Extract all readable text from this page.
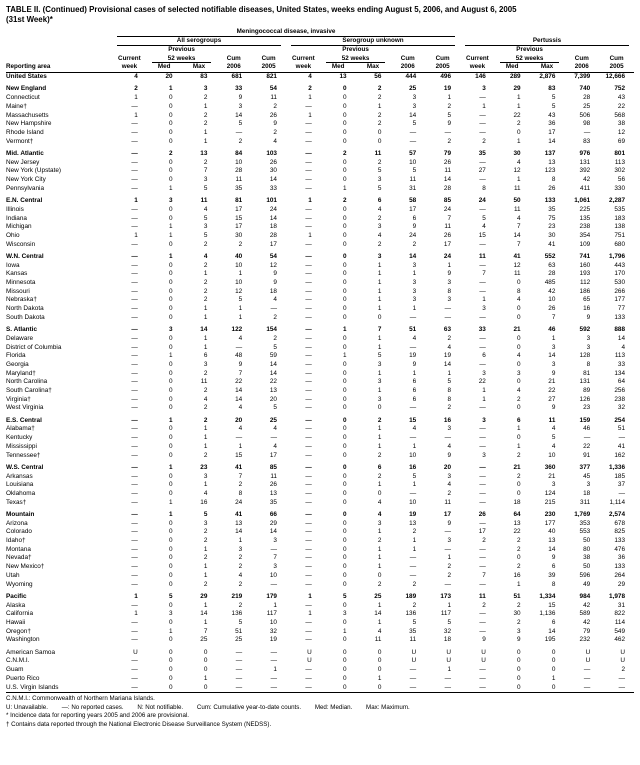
TABLE II. (Continued) Provisional cases of selected notifiable diseases, United States, weeks ending August 5, 2006, and August 6, 2005
(31st Week)*
Reporting area	Meningococcal disease, invasive														
	All serogroups					Serogroup unknown					Pertussis				
		Previous					Previous					Previous			
	Current	52 weeks		Cum	Cum	Current	52 weeks		Cum	Cum	Current	52 weeks		Cum	Cum
	week	Med	Max	2006	2005	week	Med	Max	2006	2005	week	Med	Max	2006	2005
United States	4	20	83	681	821	4	13	56	444	496	146	289	2,876	7,399	12,666

New England	2	1	3	33	54	2	0	2	25	19	3	29	83	740	752
Connecticut	1	0	2	9	11	1	0	2	3	1	—	1	5	28	43
Maine†	—	0	1	3	2	—	0	1	3	2	1	1	5	25	22
Massachusetts	1	0	2	14	26	1	0	2	14	5	—	22	43	506	568
New Hampshire	—	0	2	5	9	—	0	2	5	9	—	2	36	98	38
Rhode Island	—	0	1	—	2	—	0	0	—	—	—	0	17	—	12
Vermont†	—	0	1	2	4	—	0	0	—	2	2	1	14	83	69

Mid. Atlantic	—	2	13	84	103	—	2	11	57	79	35	30	137	976	801
New Jersey	—	0	2	10	26	—	0	2	10	26	—	4	13	131	113
New York (Upstate)	—	0	7	28	30	—	0	5	5	11	27	12	123	392	302
New York City	—	0	3	11	14	—	0	3	11	14	—	1	8	42	56
Pennsylvania	—	1	5	35	33	—	1	5	31	28	8	11	26	411	330

E.N. Central	1	3	11	81	101	1	2	6	58	85	24	50	133	1,061	2,287
Illinois	—	0	4	17	24	—	0	4	17	24	—	11	35	225	535
Indiana	—	0	5	15	14	—	0	2	6	7	5	4	75	135	183
Michigan	—	1	3	17	18	—	0	3	9	11	4	7	23	238	138
Ohio	1	1	5	30	28	1	0	4	24	26	15	14	30	354	751
Wisconsin	—	0	2	2	17	—	0	2	2	17	—	7	41	109	680

W.N. Central	—	1	4	40	54	—	0	3	14	24	11	41	552	741	1,796
Iowa	—	0	2	10	12	—	0	1	3	1	—	12	63	160	443
Kansas	—	0	1	1	9	—	0	1	1	9	7	11	28	193	170
Minnesota	—	0	2	10	9	—	0	1	3	3	—	0	485	112	530
Missouri	—	0	2	12	18	—	0	1	3	8	—	8	42	186	266
Nebraska†	—	0	2	5	4	—	0	1	3	3	1	4	10	65	177
North Dakota	—	0	1	1	—	—	0	1	1	—	3	0	26	16	77
South Dakota	—	0	1	1	2	—	0	0	—	—	—	0	7	9	133

S. Atlantic	—	3	14	122	154	—	1	7	51	63	33	21	46	592	888
Delaware	—	0	1	4	2	—	0	1	4	2	—	0	1	3	14
District of Columbia	—	0	1	—	5	—	0	1	—	4	—	0	3	3	4
Florida	—	1	6	48	59	—	1	5	19	19	6	4	14	128	113
Georgia	—	0	3	9	14	—	0	3	9	14	—	0	3	8	33
Maryland†	—	0	2	7	14	—	0	1	1	1	3	3	9	81	134
North Carolina	—	0	11	22	22	—	0	3	6	5	22	0	21	131	64
South Carolina†	—	0	2	14	13	—	0	1	6	8	1	4	22	89	256
Virginia†	—	0	4	14	20	—	0	3	6	8	1	2	27	126	238
West Virginia	—	0	2	4	5	—	0	0	—	2	—	0	9	23	32

E.S. Central	—	1	2	20	25	—	0	2	15	16	3	6	11	159	254
Alabama†	—	0	1	4	4	—	0	1	4	3	—	1	4	46	51
Kentucky	—	0	1	—	—	—	0	1	—	—	—	0	5	—	—
Mississippi	—	0	1	1	4	—	0	1	1	4	—	1	4	22	41
Tennessee†	—	0	2	15	17	—	0	2	10	9	3	2	10	91	162

W.S. Central	—	1	23	41	85	—	0	6	16	20	—	21	360	377	1,336
Arkansas	—	0	3	7	11	—	0	2	5	3	—	2	21	45	185
Louisiana	—	0	1	2	26	—	0	1	1	4	—	0	3	3	37
Oklahoma	—	0	4	8	13	—	0	0	—	2	—	0	124	18	—
Texas†	—	1	16	24	35	—	0	4	10	11	—	18	215	311	1,114

Mountain	—	1	5	41	66	—	0	4	19	17	26	64	230	1,769	2,574
Arizona	—	0	3	13	29	—	0	3	13	9	—	13	177	353	678
Colorado	—	0	2	14	14	—	0	1	2	—	17	22	40	553	825
Idaho†	—	0	2	1	3	—	0	2	1	3	2	2	13	50	133
Montana	—	0	1	3	—	—	0	1	1	—	—	2	14	80	476
Nevada†	—	0	2	2	7	—	0	1	—	1	—	0	9	38	36
New Mexico†	—	0	1	2	3	—	0	1	—	2	—	2	6	50	133
Utah	—	0	1	4	10	—	0	0	—	2	7	16	39	596	264
Wyoming	—	0	2	2	—	—	0	2	2	—	—	1	8	49	29

Pacific	1	5	29	219	179	1	5	25	189	173	11	51	1,334	984	1,978
Alaska	—	0	1	2	1	—	0	1	2	1	2	2	15	42	31
California	1	3	14	136	117	1	3	14	136	117	—	30	1,136	589	822
Hawaii	—	0	1	5	10	—	0	1	5	5	—	2	6	42	114
Oregon†	—	1	7	51	32	—	1	4	35	32	—	3	14	79	549
Washington	—	0	25	25	19	—	0	11	11	18	9	9	195	232	462

American Samoa	U	0	0	—	—	U	0	0	U	U	U	0	0	U	U
C.N.M.I.	—	0	0	—	—	U	0	0	U	U	U	0	0	U	U
Guam	—	0	0	—	1	—	0	0	—	1	—	0	0	—	2
Puerto Rico	—	0	1	—	—	—	0	1	—	—	—	0	1	—	—
U.S. Virgin Islands	—	0	0	—	—	—	0	0	—	—	—	0	0	—	—
C.N.M.I.: Commonwealth of Northern Mariana Islands.
U: Unavailable.        —: No reported cases.        N: Not notifiable.        Cum: Cumulative year-to-date counts.        Med: Median.        Max: Maximum.
* Incidence data for reporting years 2005 and 2006 are provisional.
† Contains data reported through the National Electronic Disease Surveillance System (NEDSS).
